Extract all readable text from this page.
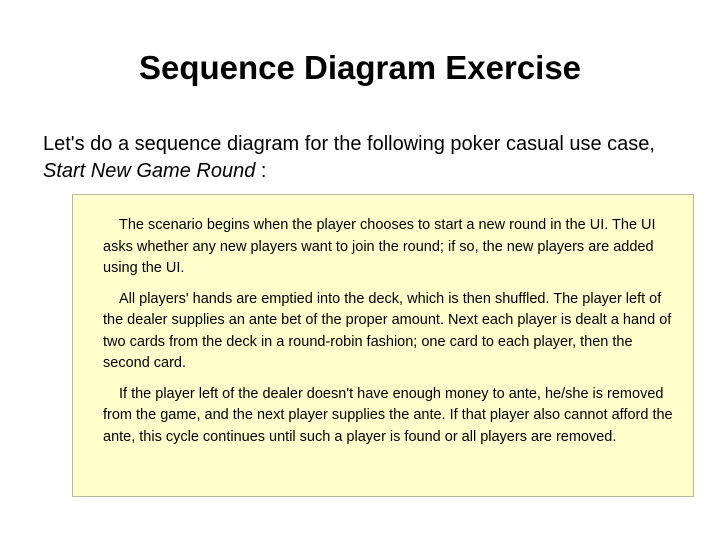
Sequence Diagram Exercise

Let's do a sequence diagram for the following poker casual use case, Start New Game Round :

The scenario begins when the player chooses to start a new round in the UI. The UI asks whether any new players want to join the round; if so, the new players are added using the UI.

All players' hands are emptied into the deck, which is then shuffled. The player left of the dealer supplies an ante bet of the proper amount. Next each player is dealt a hand of two cards from the deck in a round-robin fashion; one card to each player, then the second card.

If the player left of the dealer doesn't have enough money to ante, he/she is removed from the game, and the next player supplies the ante. If that player also cannot afford the ante, this cycle continues until such a player is found or all players are removed.
